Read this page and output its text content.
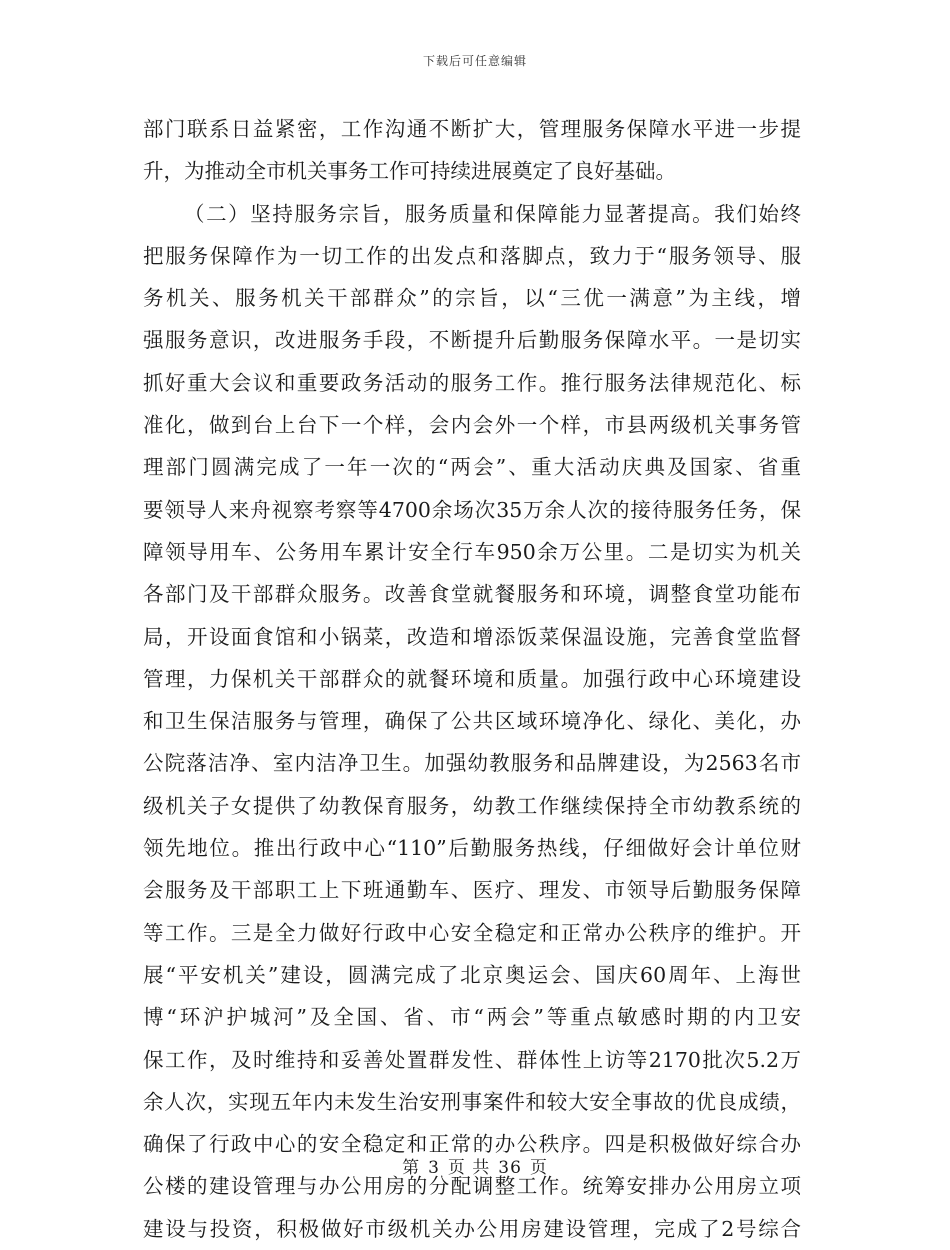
下载后可任意编辑
部门联系日益紧密，工作沟通不断扩大，管理服务保障水平进一步提
升，为推动全市机关事务工作可持续进展奠定了良好基础。
（二）坚持服务宗旨，服务质量和保障能力显著提高。我们始终
把服务保障作为一切工作的出发点和落脚点，致力于“服务领导、服
务机关、服务机关干部群众”的宗旨，以“三优一满意”为主线，增
强服务意识，改进服务手段，不断提升后勤服务保障水平。一是切实
抓好重大会议和重要政务活动的服务工作。推行服务法律规范化、标
准化，做到台上台下一个样，会内会外一个样，市县两级机关事务管
理部门圆满完成了一年一次的“两会”、重大活动庆典及国家、省重
要领导人来舟视察考察等4700余场次35万余人次的接待服务任务，保
障领导用车、公务用车累计安全行车950余万公里。二是切实为机关
各部门及干部群众服务。改善食堂就餐服务和环境，调整食堂功能布
局，开设面食馆和小锅菜，改造和增添饭菜保温设施，完善食堂监督
管理，力保机关干部群众的就餐环境和质量。加强行政中心环境建设
和卫生保洁服务与管理，确保了公共区域环境净化、绿化、美化，办
公院落洁净、室内洁净卫生。加强幼教服务和品牌建设，为2563名市
级机关子女提供了幼教保育服务，幼教工作继续保持全市幼教系统的
领先地位。推出行政中心“110”后勤服务热线，仔细做好会计单位财
会服务及干部职工上下班通勤车、医疗、理发、市领导后勤服务保障
等工作。三是全力做好行政中心安全稳定和正常办公秩序的维护。开
展“平安机关”建设，圆满完成了北京奥运会、国庆60周年、上海世
博“环沪护城河”及全国、省、市“两会”等重点敏感时期的内卫安
保工作，及时维持和妥善处置群发性、群体性上访等2170批次5.2万
余人次，实现五年内未发生治安刑事案件和较大安全事故的优良成绩，
确保了行政中心的安全稳定和正常的办公秩序。四是积极做好综合办
公楼的建设管理与办公用房的分配调整工作。统筹安排办公用房立项
建设与投资，积极做好市级机关办公用房建设管理，完成了2号综合
第 3 页 共 36 页
